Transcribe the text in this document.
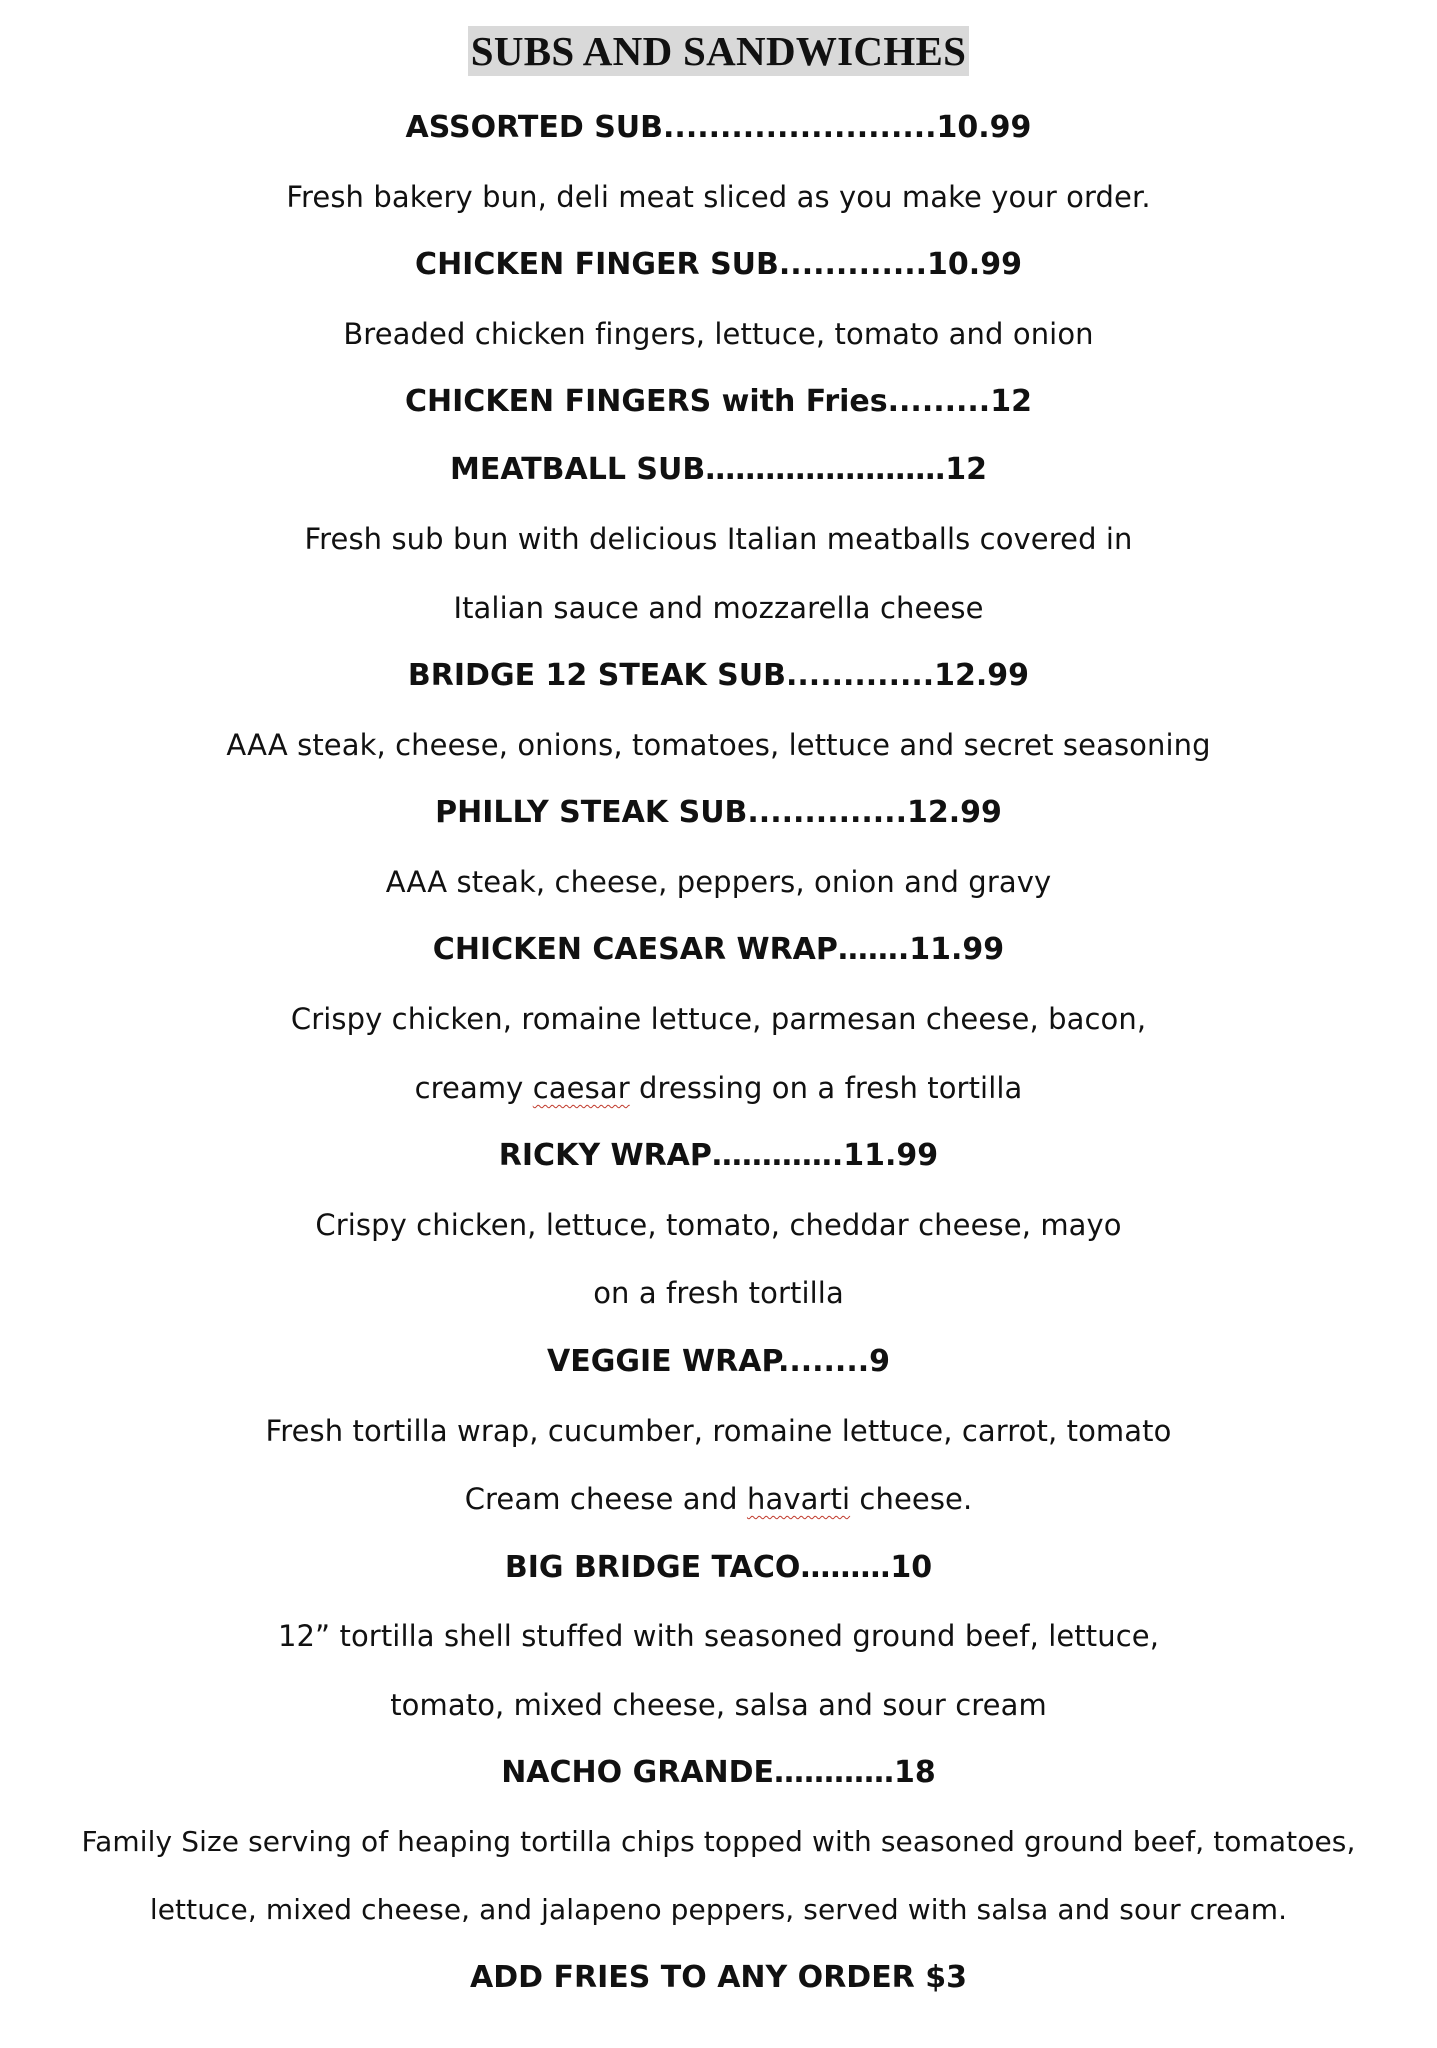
SUBS AND SANDWICHES
ASSORTED SUB........................10.99
Fresh bakery bun, deli meat sliced as you make your order.
CHICKEN FINGER SUB.............10.99
Breaded chicken fingers, lettuce, tomato and onion
CHICKEN FINGERS with Fries.........12
MEATBALL SUB……………………12
Fresh sub bun with delicious Italian meatballs covered in
Italian sauce and mozzarella cheese
BRIDGE 12 STEAK SUB.............12.99
AAA steak, cheese, onions, tomatoes, lettuce and secret seasoning
PHILLY STEAK SUB..............12.99
AAA steak, cheese, peppers, onion and gravy
CHICKEN CAESAR WRAP…….11.99
Crispy chicken, romaine lettuce, parmesan cheese, bacon,
creamy caesar dressing on a fresh tortilla
RICKY WRAP………….11.99
Crispy chicken, lettuce, tomato, cheddar cheese, mayo
on a fresh tortilla
VEGGIE WRAP........9
Fresh tortilla wrap, cucumber, romaine lettuce, carrot, tomato
Cream cheese and havarti cheese.
BIG BRIDGE TACO………10
12” tortilla shell stuffed with seasoned ground beef, lettuce,
tomato, mixed cheese, salsa and sour cream
NACHO GRANDE…………18
Family Size serving of heaping tortilla chips topped with seasoned ground beef, tomatoes,
lettuce, mixed cheese, and jalapeno peppers, served with salsa and sour cream.
ADD FRIES TO ANY ORDER $3
